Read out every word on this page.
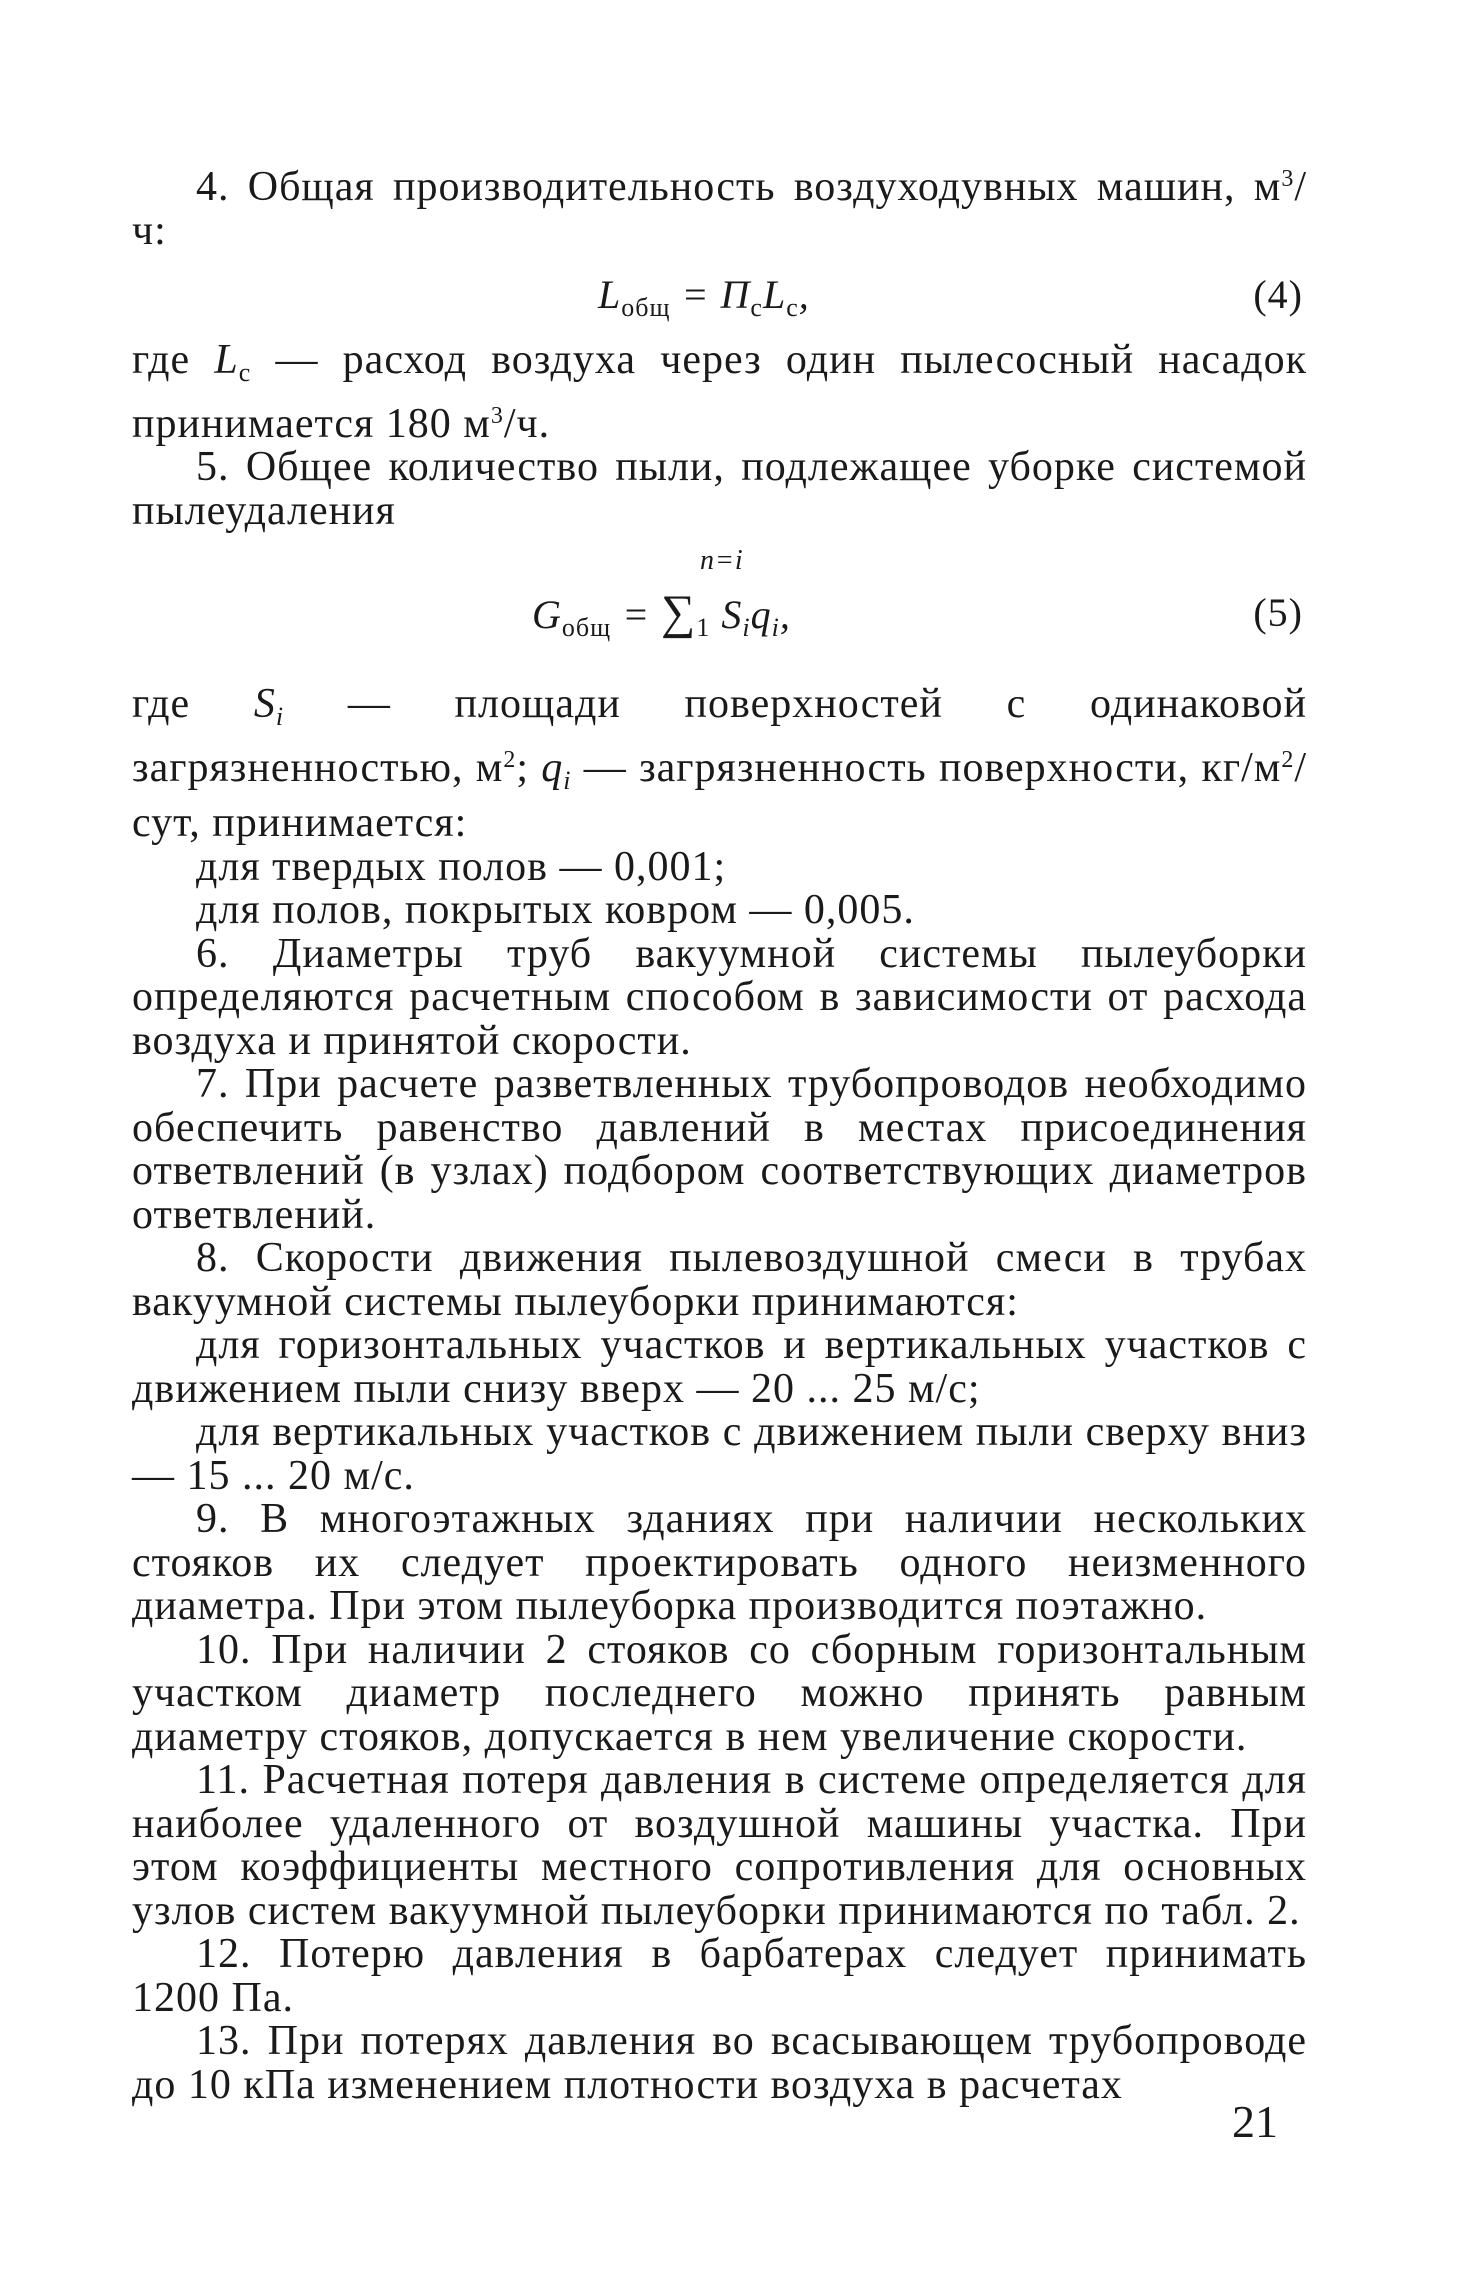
4. Общая производительность воздуходувных машин, $м^3/ч$:

$L_{общ} = П_сL_с$,	(4)

где $L_с$ — расход воздуха через один пылесосный насадок принимается 180 $м^3/ч$.

5. Общее количество пыли, подлежащее уборке системой пылеудаления

n=i
$G_{общ} = \sum_1$ $S_iq_i$,	(5)

где $S_i$ — площади поверхностей с одинаковой загрязненностью, $м^2$; $q_i$ — загрязненность поверхности, $кг/м^2$/сут, принимается:

для твердых полов — 0,001;

для полов, покрытых ковром — 0,005.

6. Диаметры труб вакуумной системы пылеуборки определяются расчетным способом в зависимости от расхода воздуха и принятой скорости.

7. При расчете разветвленных трубопроводов необходимо обеспечить равенство давлений в местах присоединения ответвлений (в узлах) подбором соответствующих диаметров ответвлений.

8. Скорости движения пылевоздушной смеси в трубах вакуумной системы пылеуборки принимаются:

для горизонтальных участков и вертикальных участков с движением пыли снизу вверх — 20 ... 25 м/с;

для вертикальных участков с движением пыли сверху вниз — 15 ... 20 м/с.

9. В многоэтажных зданиях при наличии нескольких стояков их следует проектировать одного неизменного диаметра. При этом пылеуборка производится поэтажно.

10. При наличии 2 стояков со сборным горизонтальным участком диаметр последнего можно принять равным диаметру стояков, допускается в нем увеличение скорости.

11. Расчетная потеря давления в системе определяется для наиболее удаленного от воздушной машины участка. При этом коэффициенты местного сопротивления для основных узлов систем вакуумной пылеуборки принимаются по табл. 2.

12. Потерю давления в барбатерах следует принимать 1200 Па.

13. При потерях давления во всасывающем трубопроводе до 10 кПа изменением плотности воздуха в расчетах

21
